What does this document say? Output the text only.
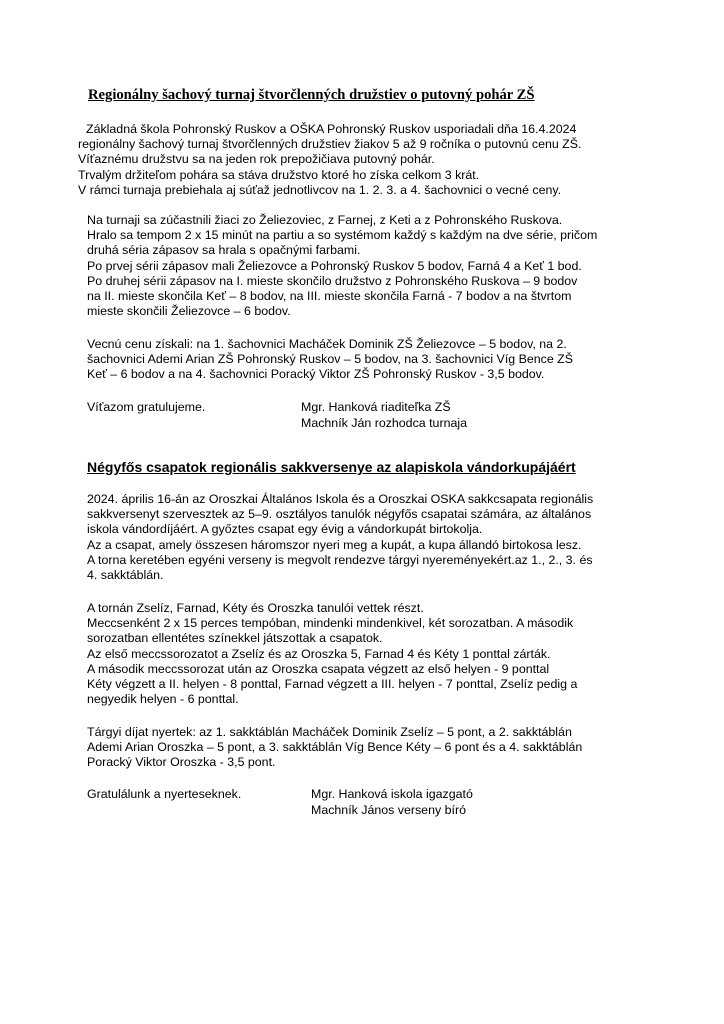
Regionálny šachový turnaj štvorčlenných družstiev o putovný pohár ZŠ
Základná škola Pohronský Ruskov a OŠKA Pohronský Ruskov usporiadali dňa 16.4.2024
regionálny šachový turnaj štvorčlenných družstiev žiakov 5 až 9 ročníka o putovnú cenu ZŠ.
Víťaznému družstvu sa na jeden rok prepožičiava putovný pohár.
Trvalým držiteľom pohára sa stáva družstvo ktoré ho získa celkom 3 krát.
V rámci turnaja prebiehala aj súťaž jednotlivcov na 1. 2. 3. a 4. šachovnici o vecné ceny.
Na turnaji sa zúčastnili žiaci zo Želiezoviec, z Farnej, z Keti a z Pohronského Ruskova.
Hralo sa tempom 2 x 15 minút na partiu a so systémom každý s každým na dve série, pričom
druhá séria zápasov sa hrala s opačnými farbami.
Po prvej sérii zápasov mali Želiezovce a Pohronský Ruskov 5 bodov, Farná 4 a Keť 1 bod.
Po druhej sérii zápasov na I. mieste skončilo družstvo z Pohronského Ruskova – 9 bodov
na II. mieste skončila Keť – 8 bodov, na III. mieste skončila Farná - 7 bodov a na štvrtom
mieste skončili Želiezovce – 6 bodov.
Vecnú cenu získali: na 1. šachovnici Macháček Dominik ZŠ Želiezovce – 5 bodov, na 2.
šachovnici Ademi Arian ZŠ Pohronský Ruskov – 5 bodov, na 3. šachovnici Víg Bence ZŠ
Keť – 6 bodov a na 4. šachovnici Poracký Viktor ZŠ Pohronský Ruskov - 3,5 bodov.
Víťazom gratulujeme.	Mgr. Hanková riaditeľka ZŠ
Machník Ján rozhodca turnaja
Négyfős csapatok regionális sakkversenye az alapiskola vándorkupájáért
2024. április 16-án az Oroszkai Általános Iskola és a Oroszkai OSKA sakkcsapata regionális
sakkversenyt szervesztek az 5–9. osztályos tanulók négyfős csapatai számára, az általános
iskola vándordíjáért. A győztes csapat egy évig a vándorkupát birtokolja.
Az a csapat, amely összesen háromszor nyeri meg a kupát, a kupa állandó birtokosa lesz.
A torna keretében egyéni verseny is megvolt rendezve tárgyi nyereményekért.az 1., 2., 3. és
4. sakktáblán.
A tornán Zselíz, Farnad, Kéty és Oroszka tanulói vettek részt.
Meccsenként 2 x 15 perces tempóban, mindenki mindenkivel, két sorozatban. A második
sorozatban ellentétes színekkel játszottak a csapatok.
Az első meccssorozatot a Zselíz és az Oroszka 5, Farnad 4 és Kéty 1 ponttal zárták.
A második meccssorozat után az Oroszka csapata végzett az első helyen - 9 ponttal
Kéty végzett a II. helyen - 8 ponttal, Farnad végzett a III. helyen - 7 ponttal, Zselíz pedig a
negyedik helyen - 6 ponttal.
Tárgyi díjat nyertek: az 1. sakktáblán Macháček Dominik Zselíz – 5 pont, a 2. sakktáblán
Ademi Arian Oroszka – 5 pont, a 3. sakktáblán Víg Bence Kéty – 6 pont és a 4. sakktáblán
Poracký Viktor Oroszka - 3,5 pont.
Gratulálunk a nyerteseknek.	Mgr. Hanková iskola igazgató
Machník János verseny bíró
